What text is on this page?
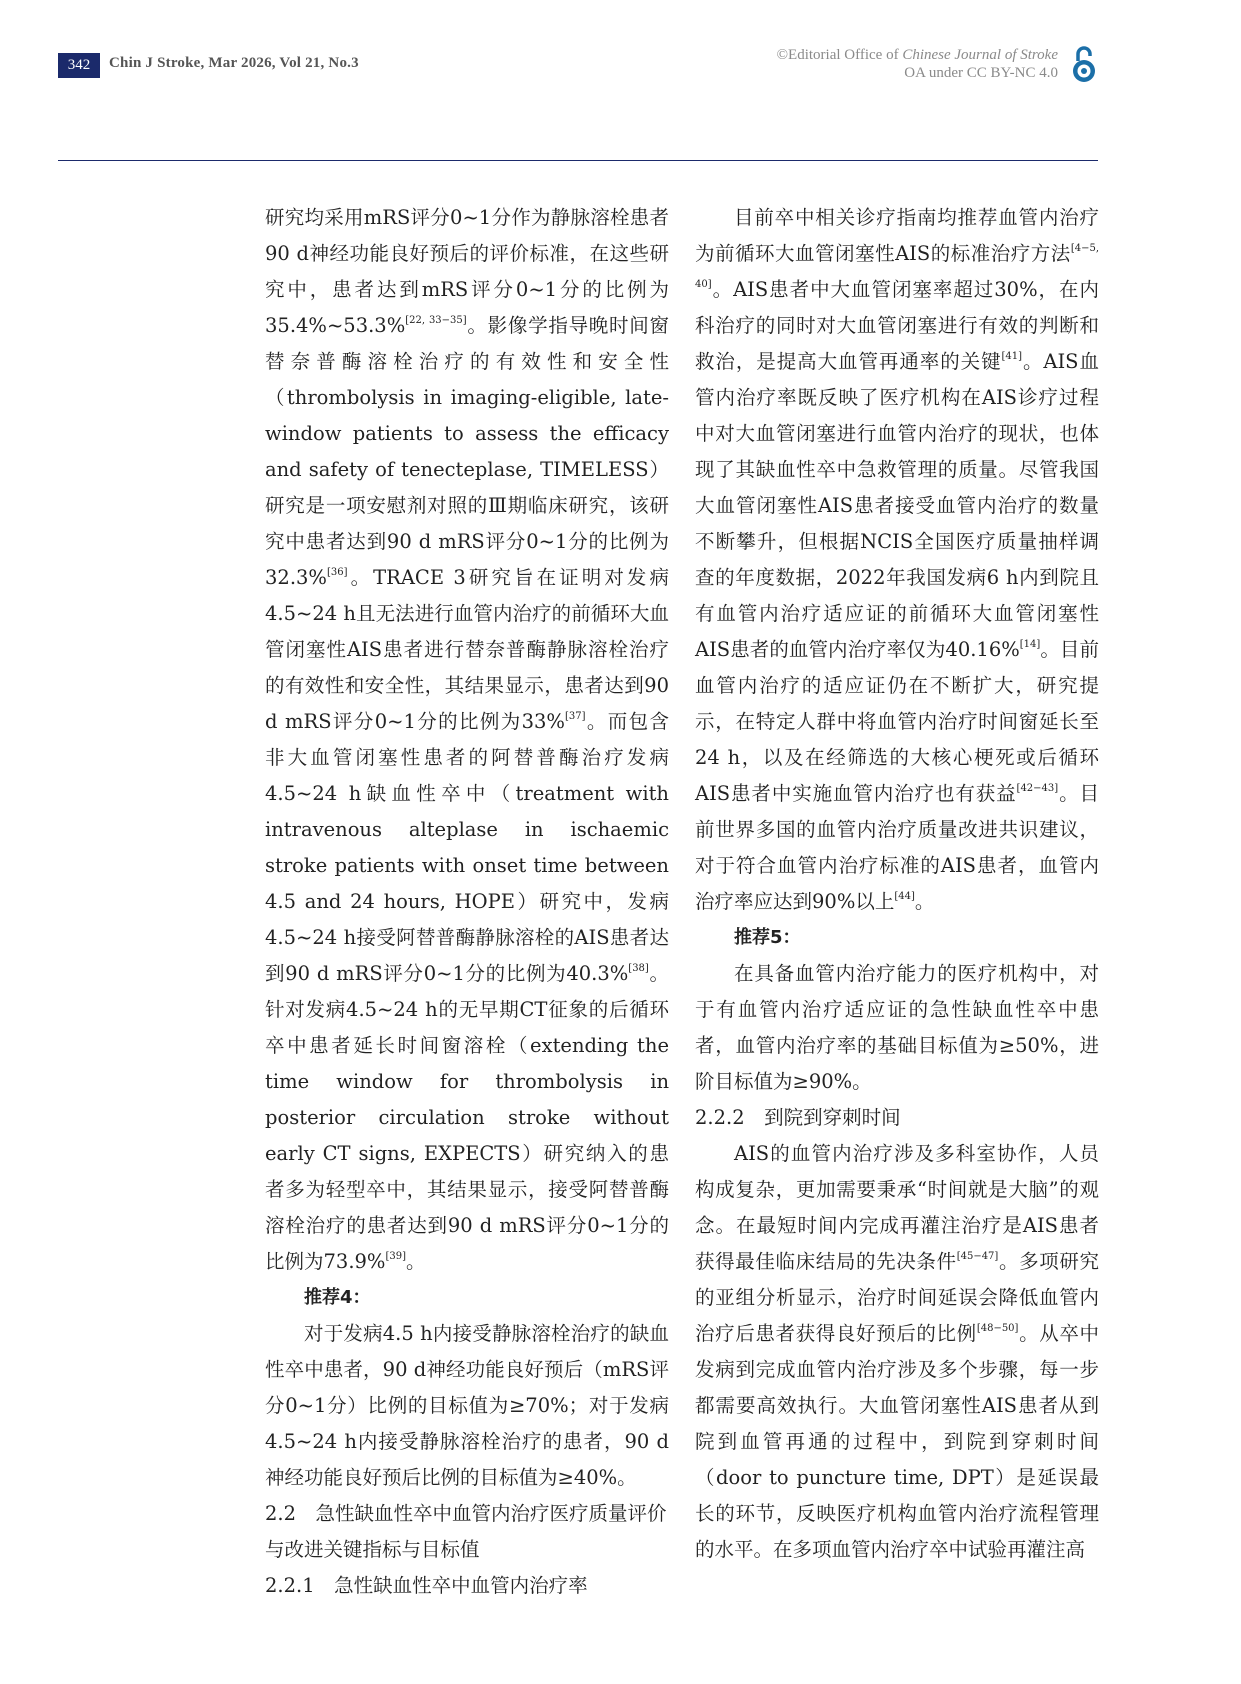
342	Chin J Stroke, Mar 2026, Vol 21, No.3	©Editorial Office of Chinese Journal of Stroke
OA under CC BY-NC 4.0

研究均采用mRS评分0~1分作为静脉溶栓患者90 d神经功能良好预后的评价标准，在这些研究中，患者达到mRS评分0~1分的比例为35.4%~53.3%[22, 33−35]。影像学指导晚时间窗替奈普酶溶栓治疗的有效性和安全性（thrombolysis in imaging-eligible, late-window patients to assess the efficacy and safety of tenecteplase, TIMELESS）研究是一项安慰剂对照的Ⅲ期临床研究，该研究中患者达到90 d mRS评分0~1分的比例为32.3%[36]。TRACE 3研究旨在证明对发病4.5~24 h且无法进行血管内治疗的前循环大血管闭塞性AIS患者进行替奈普酶静脉溶栓治疗的有效性和安全性，其结果显示，患者达到90 d mRS评分0~1分的比例为33%[37]。而包含非大血管闭塞性患者的阿替普酶治疗发病4.5~24 h缺血性卒中（treatment with intravenous alteplase in ischaemic stroke patients with onset time between 4.5 and 24 hours, HOPE）研究中，发病4.5~24 h接受阿替普酶静脉溶栓的AIS患者达到90 d mRS评分0~1分的比例为40.3%[38]。针对发病4.5~24 h的无早期CT征象的后循环卒中患者延长时间窗溶栓（extending the time window for thrombolysis in posterior circulation stroke without early CT signs, EXPECTS）研究纳入的患者多为轻型卒中，其结果显示，接受阿替普酶溶栓治疗的患者达到90 d mRS评分0~1分的比例为73.9%[39]。

推荐4：

对于发病4.5 h内接受静脉溶栓治疗的缺血性卒中患者，90 d神经功能良好预后（mRS评分0~1分）比例的目标值为≥70%；对于发病4.5~24 h内接受静脉溶栓治疗的患者，90 d神经功能良好预后比例的目标值为≥40%。

2.2　急性缺血性卒中血管内治疗医疗质量评价与改进关键指标与目标值

2.2.1　急性缺血性卒中血管内治疗率

目前卒中相关诊疗指南均推荐血管内治疗为前循环大血管闭塞性AIS的标准治疗方法[4−5, 40]。AIS患者中大血管闭塞率超过30%，在内科治疗的同时对大血管闭塞进行有效的判断和救治，是提高大血管再通率的关键[41]。AIS血管内治疗率既反映了医疗机构在AIS诊疗过程中对大血管闭塞进行血管内治疗的现状，也体现了其缺血性卒中急救管理的质量。尽管我国大血管闭塞性AIS患者接受血管内治疗的数量不断攀升，但根据NCIS全国医疗质量抽样调查的年度数据，2022年我国发病6 h内到院且有血管内治疗适应证的前循环大血管闭塞性AIS患者的血管内治疗率仅为40.16%[14]。目前血管内治疗的适应证仍在不断扩大，研究提示，在特定人群中将血管内治疗时间窗延长至24 h，以及在经筛选的大核心梗死或后循环AIS患者中实施血管内治疗也有获益[42−43]。目前世界多国的血管内治疗质量改进共识建议，对于符合血管内治疗标准的AIS患者，血管内治疗率应达到90%以上[44]。

推荐5：

在具备血管内治疗能力的医疗机构中，对于有血管内治疗适应证的急性缺血性卒中患者，血管内治疗率的基础目标值为≥50%，进阶目标值为≥90%。

2.2.2　到院到穿刺时间

AIS的血管内治疗涉及多科室协作，人员构成复杂，更加需要秉承“时间就是大脑”的观念。在最短时间内完成再灌注治疗是AIS患者获得最佳临床结局的先决条件[45−47]。多项研究的亚组分析显示，治疗时间延误会降低血管内治疗后患者获得良好预后的比例[48−50]。从卒中发病到完成血管内治疗涉及多个步骤，每一步都需要高效执行。大血管闭塞性AIS患者从到院到血管再通的过程中，到院到穿刺时间（door to puncture time, DPT）是延误最长的环节，反映医疗机构血管内治疗流程管理的水平。在多项血管内治疗卒中试验再灌注高
